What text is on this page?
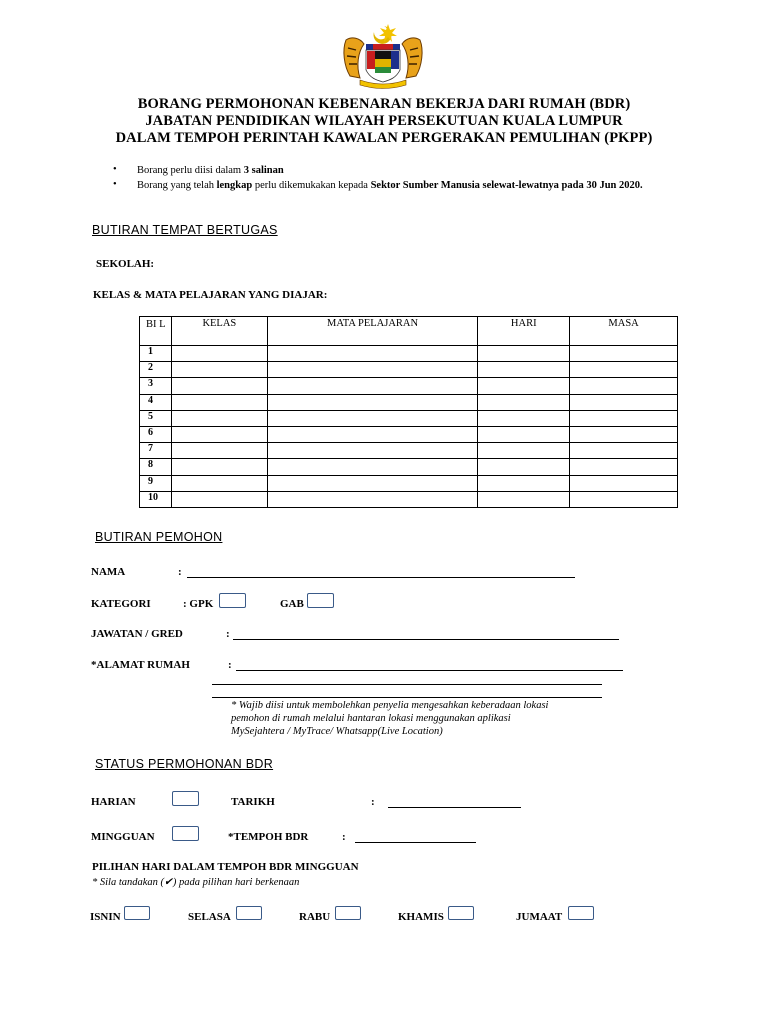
BORANG PERMOHONAN KEBENARAN BEKERJA DARI RUMAH (BDR)
JABATAN PENDIDIKAN WILAYAH PERSEKUTUAN KUALA LUMPUR
DALAM TEMPOH PERINTAH KAWALAN PERGERAKAN PEMULIHAN (PKPP)
•	Borang perlu diisi dalam 3 salinan
•	Borang yang telah lengkap perlu dikemukakan kepada Sektor Sumber Manusia selewat-lewatnya pada 30 Jun 2020.
BUTIRAN TEMPAT BERTUGAS
SEKOLAH:
KELAS & MATA PELAJARAN YANG DIAJAR:
BI L	KELAS	MATA PELAJARAN	HARI	MASA
1				
2				
3				
4				
5				
6				
7				
8				
9				
10				
BUTIRAN PEMOHON
NAMA	:
KATEGORI	: GPK	GAB
JAWATAN / GRED	:
*ALAMAT RUMAH	:
* Wajib diisi untuk membolehkan penyelia mengesahkan keberadaan lokasi
pemohon di rumah melalui hantaran lokasi menggunakan aplikasi
MySejahtera / MyTrace/ Whatsapp(Live Location)
STATUS PERMOHONAN BDR
HARIAN	TARIKH	:
MINGGUAN	*TEMPOH BDR	:
PILIHAN HARI DALAM TEMPOH BDR MINGGUAN
* Sila tandakan (✔) pada pilihan hari berkenaan
ISNIN	SELASA	RABU	KHAMIS	JUMAAT
